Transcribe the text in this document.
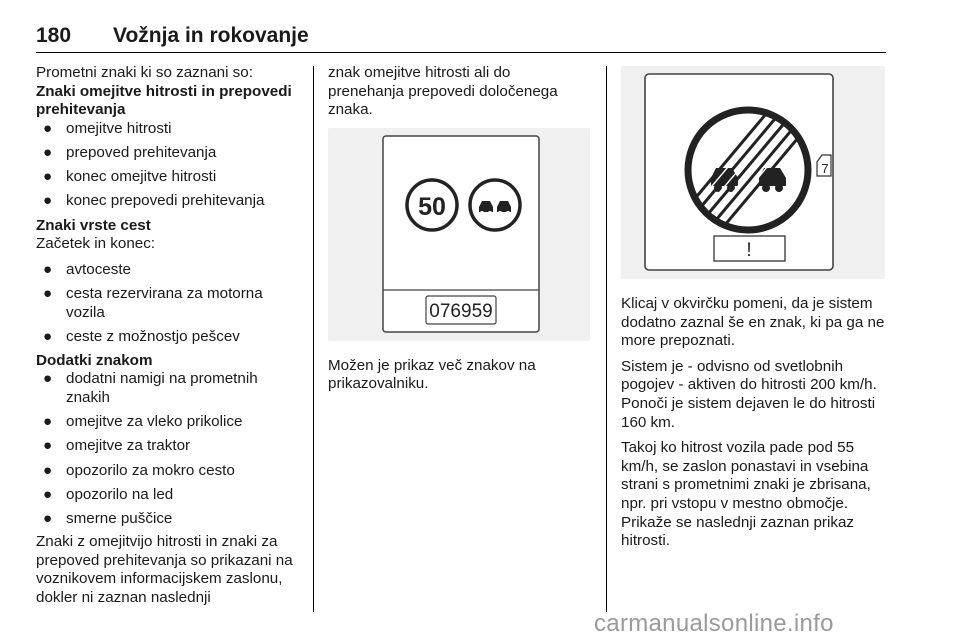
180 Vožnja in rokovanje

Prometni znaki ki so zaznani so:

Znaki omejitve hitrosti in prepovedi prehitevanja
● omejitve hitrosti
● prepoved prehitevanja
● konec omejitve hitrosti
● konec prepovedi prehitevanja
Znaki vrste cest

Začetek in konec:

● avtoceste
● cesta rezervirana za motorna vozila
● ceste z možnostjo pešcev
Dodatki znakom
● dodatni namigi na prometnih znakih
● omejitve za vleko prikolice
● omejitve za traktor
● opozorilo za mokro cesto
● opozorilo na led
● smerne puščice

Znaki z omejitvijo hitrosti in znaki za prepoved prehitevanja so prikazani na voznikovem informacijskem zaslonu, dokler ni zaznan naslednji

znak omejitve hitrosti ali do prenehanja prepovedi določenega znaka.

50
076959

Možen je prikaz več znakov na prikazovalniku.

7
!

Klicaj v okvirčku pomeni, da je sistem dodatno zaznal še en znak, ki pa ga ne more prepoznati.

Sistem je - odvisno od svetlobnih pogojev - aktiven do hitrosti 200 km/h. Ponoči je sistem dejaven le do hitrosti 160 km.

Takoj ko hitrost vozila pade pod 55 km/h, se zaslon ponastavi in vsebina strani s prometnimi znaki je zbrisana, npr. pri vstopu v mestno območje. Prikaže se naslednji zaznan prikaz hitrosti.

carmanualsonline.info
